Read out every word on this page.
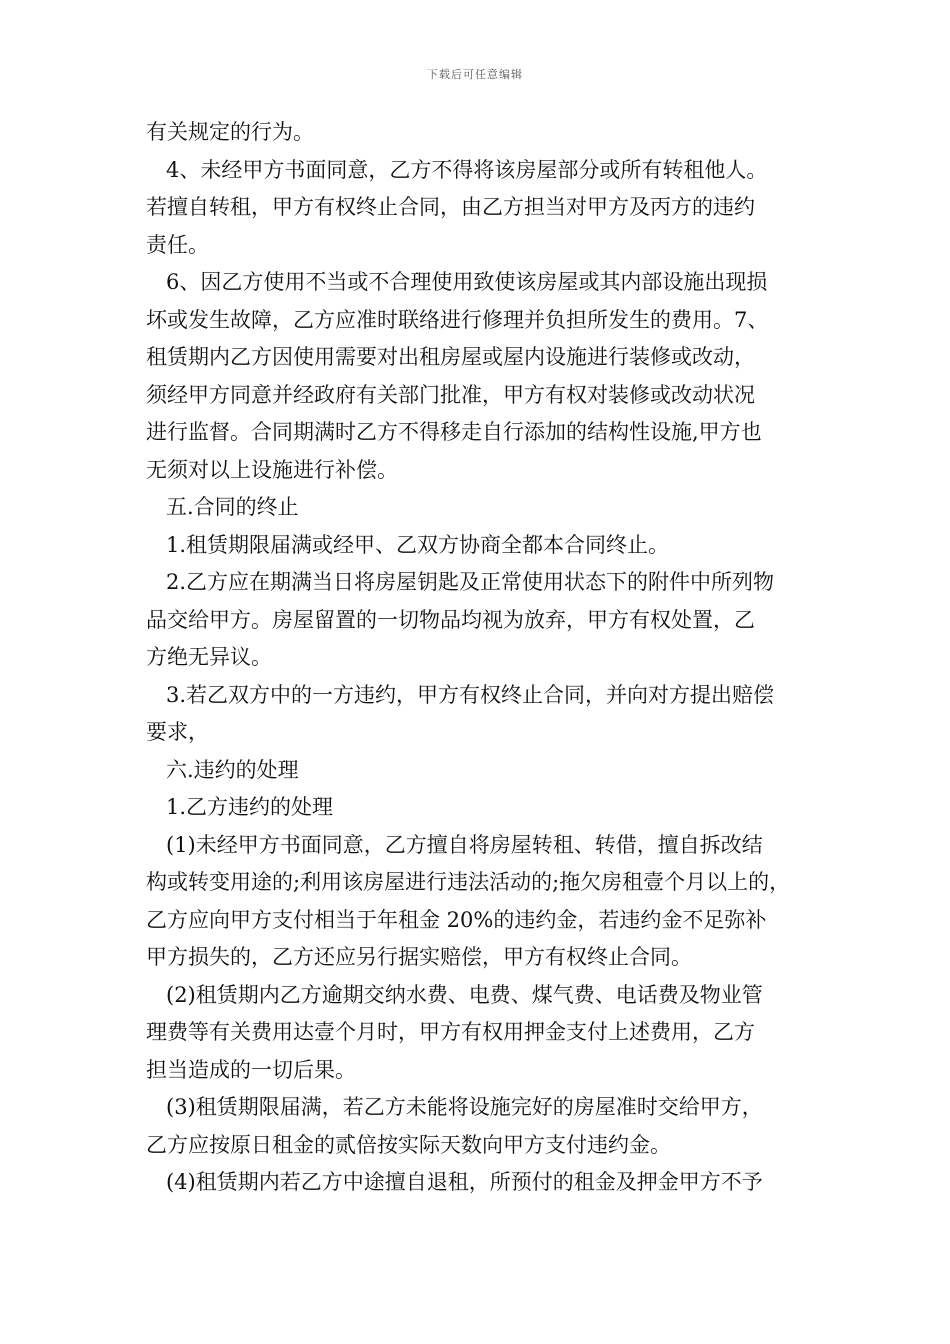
下载后可任意编辑

有关规定的行为。

4、未经甲方书面同意，乙方不得将该房屋部分或所有转租他人。

若擅自转租，甲方有权终止合同，由乙方担当对甲方及丙方的违约

责任。

6、因乙方使用不当或不合理使用致使该房屋或其内部设施出现损

坏或发生故障，乙方应准时联络进行修理并负担所发生的费用。7、

租赁期内乙方因使用需要对出租房屋或屋内设施进行装修或改动，

须经甲方同意并经政府有关部门批准，甲方有权对装修或改动状况

进行监督。合同期满时乙方不得移走自行添加的结构性设施,甲方也

无须对以上设施进行补偿。

五.合同的终止

1.租赁期限届满或经甲、乙双方协商全都本合同终止。

2.乙方应在期满当日将房屋钥匙及正常使用状态下的附件中所列物

品交给甲方。房屋留置的一切物品均视为放弃，甲方有权处置，乙

方绝无异议。

3.若乙双方中的一方违约，甲方有权终止合同，并向对方提出赔偿

要求，

六.违约的处理

1.乙方违约的处理

(1)未经甲方书面同意，乙方擅自将房屋转租、转借，擅自拆改结

构或转变用途的;利用该房屋进行违法活动的;拖欠房租壹个月以上的，

乙方应向甲方支付相当于年租金 20%的违约金，若违约金不足弥补

甲方损失的，乙方还应另行据实赔偿，甲方有权终止合同。

(2)租赁期内乙方逾期交纳水费、电费、煤气费、电话费及物业管

理费等有关费用达壹个月时，甲方有权用押金支付上述费用，乙方

担当造成的一切后果。

(3)租赁期限届满，若乙方未能将设施完好的房屋准时交给甲方，

乙方应按原日租金的贰倍按实际天数向甲方支付违约金。

(4)租赁期内若乙方中途擅自退租，所预付的租金及押金甲方不予
